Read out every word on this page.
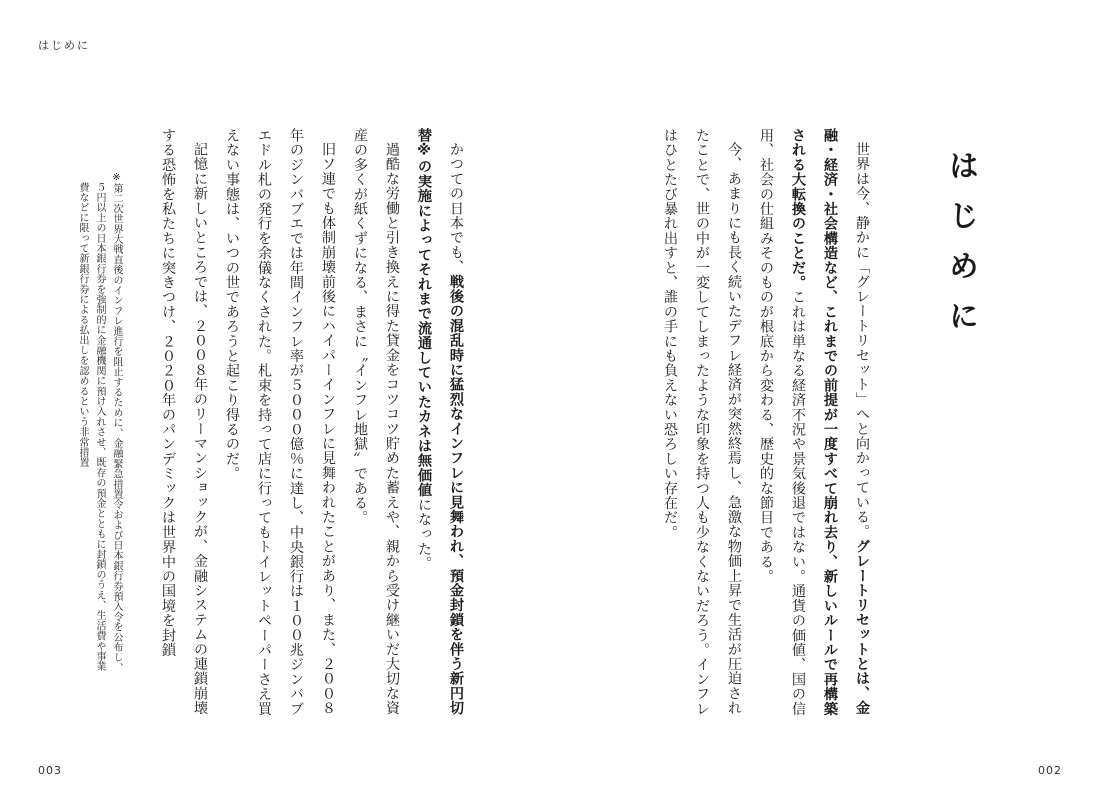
はじめに
はじめに

世界は今、静かに「グレートリセット」へと向かっている。グレートリセットとは、金融・経済・社会構造など、これまでの前提が一度すべて崩れ去り、新しいルールで再構築される大転換のことだ。これは単なる経済不況や景気後退ではない。通貨の価値、国の信用、社会の仕組みそのものが根底から変わる、歴史的な節目である。

今、あまりにも長く続いたデフレ経済が突然終焉し、急激な物価上昇で生活が圧迫されたことで、世の中が一変してしまったような印象を持つ人も少なくないだろう。インフレはひとたび暴れ出すと、誰の手にも負えない恐ろしい存在だ。

かつての日本でも、戦後の混乱時に猛烈なインフレに見舞われ、預金封鎖を伴う新円切替※の実施によってそれまで流通していたカネは無価値になった。

過酷な労働と引き換えに得た貸金をコツコツ貯めた蓄えや、親から受け継いだ大切な資産の多くが紙くずになる、まさに〝インフレ地獄〟である。

旧ソ連でも体制崩壊前後にハイパーインフレに見舞われたことがあり、また、２００８年のジンバブエでは年間インフレ率が５０００億％に達し、中央銀行は１００兆ジンバブエドル札の発行を余儀なくされた。札束を持って店に行ってもトイレットペーパーさえ買えない事態は、いつの世であろうと起こり得るのだ。

記憶に新しいところでは、２００８年のリーマンショックが、金融システムの連鎖崩壊する恐怖を私たちに突きつけ、２０２０年のパンデミックは世界中の国境を封鎖

※第二次世界大戦直後のインフレ進行を阻止するために、金融緊急措置令および日本銀行券預入令を公布し、

５円以上の日本銀行券を強制的に金融機関に預け入れさせ、既存の預金とともに封鎖のうえ、生活費や事業

費などに限って新銀行券による払出しを認めるという非常措置

003	002
